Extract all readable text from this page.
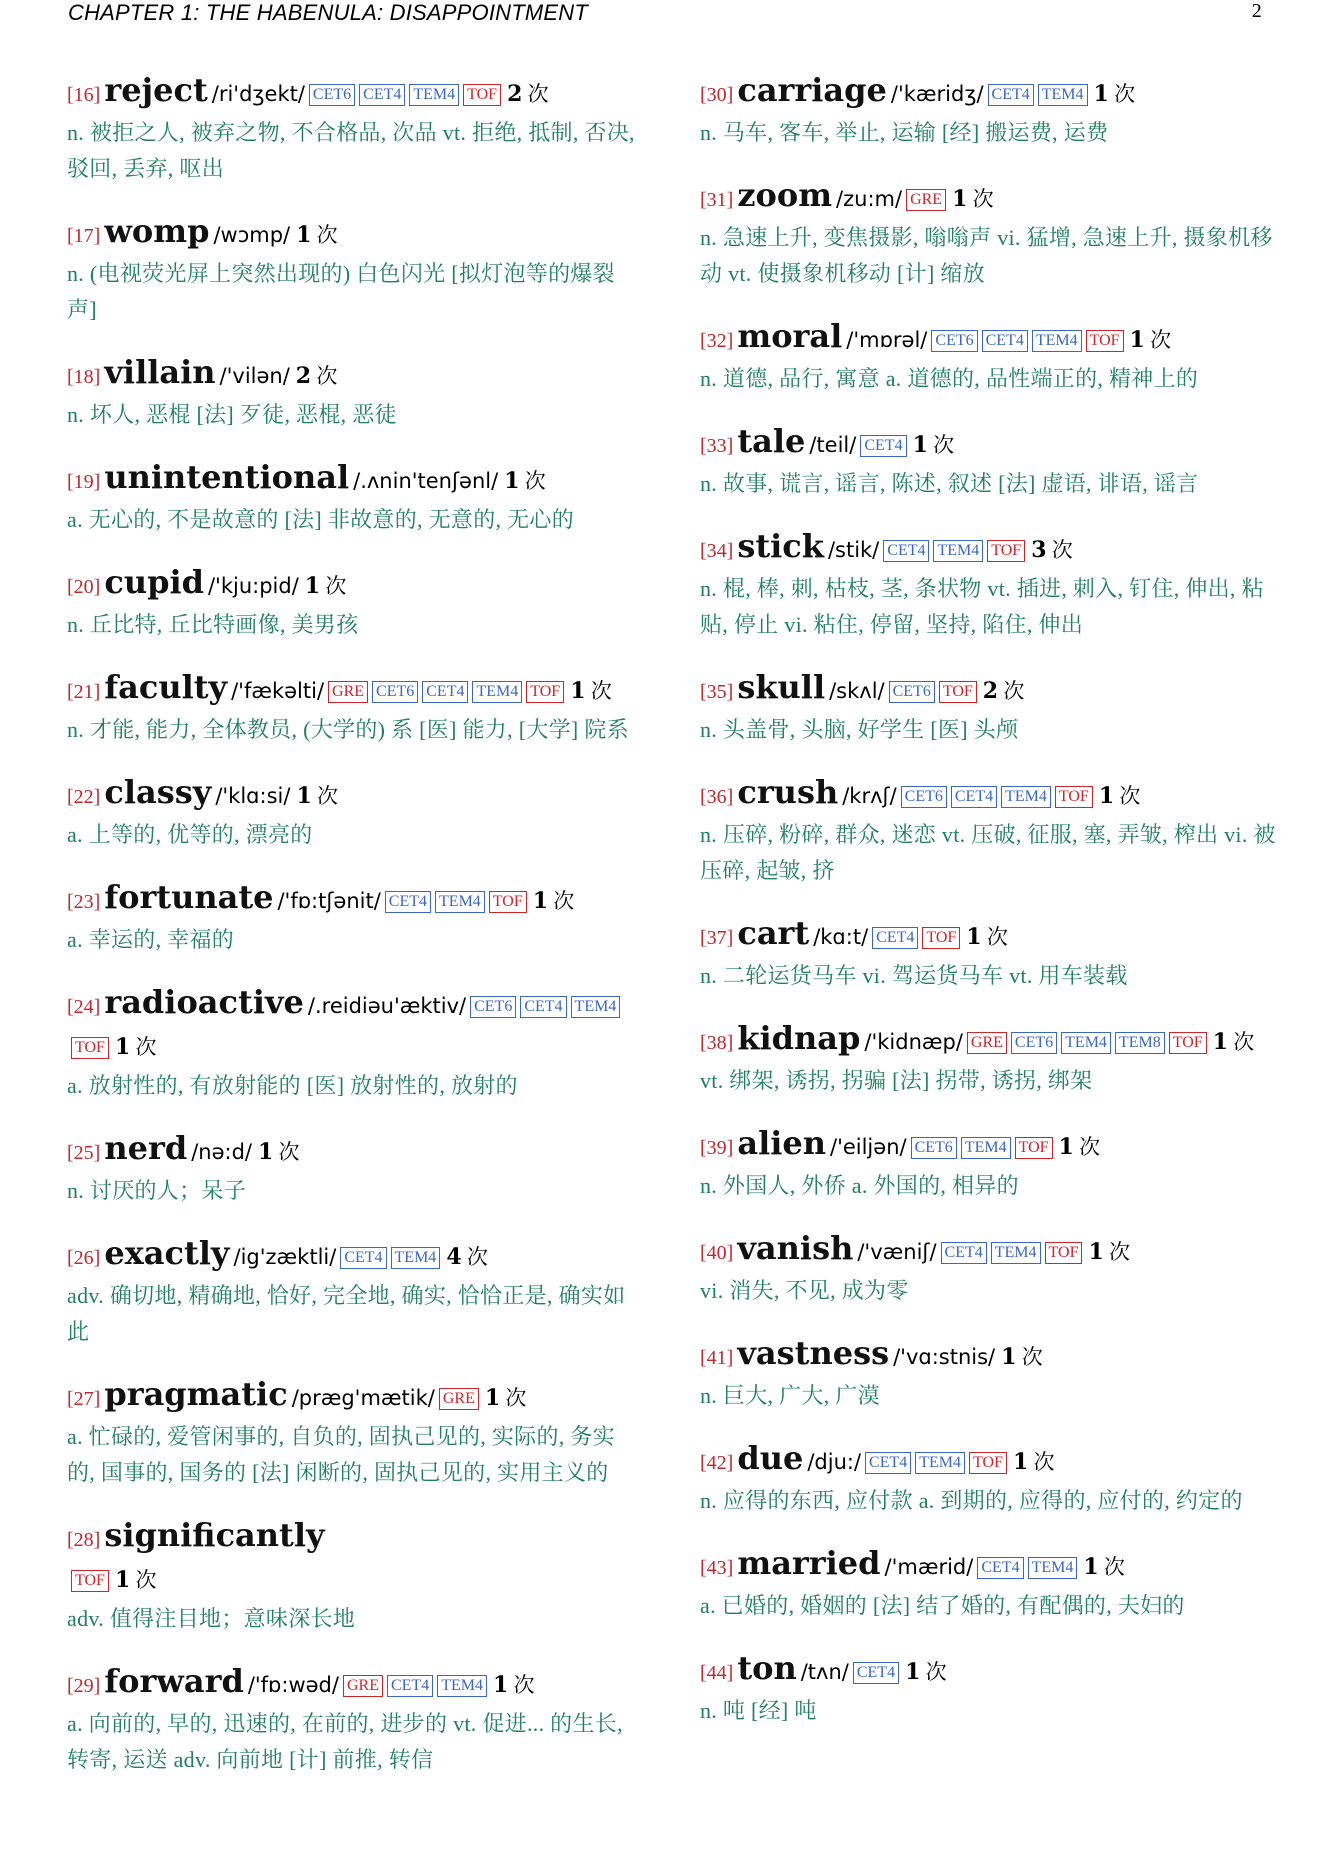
CHAPTER 1: THE HABENULA: DISAPPOINTMENT	2
[16] reject /ri'dʒekt/ CET6 CET4 TEM4 TOF 2 次
n. 被拒之人, 被弃之物, 不合格品, 次品 vt. 拒绝, 抵制, 否决, 驳回, 丢弃, 呕出
[17] womp /wɔmp/ 1 次
n. (电视荧光屏上突然出现的) 白色闪光 [拟灯泡等的爆裂声]
[18] villain /'vilən/ 2 次
n. 坏人, 恶棍 [法] 歹徒, 恶棍, 恶徒
[19] unintentional /.ʌnin'tenʃənl/ 1 次
a. 无心的, 不是故意的 [法] 非故意的, 无意的, 无心的
[20] cupid /'kju:pid/ 1 次
n. 丘比特, 丘比特画像, 美男孩
[21] faculty /'fækəlti/ GRE CET6 CET4 TEM4 TOF 1 次
n. 才能, 能力, 全体教员, (大学的) 系 [医] 能力, [大学] 院系
[22] classy /'klɑ:si/ 1 次
a. 上等的, 优等的, 漂亮的
[23] fortunate /'fɒ:tʃənit/ CET4 TEM4 TOF 1 次
a. 幸运的, 幸福的
[24] radioactive /.reidiəu'æktiv/ CET6 CET4 TEM4TOF 1 次
a. 放射性的, 有放射能的 [医] 放射性的, 放射的
[25] nerd /nə:d/ 1 次
n. 讨厌的人；呆子
[26] exactly /ig'zæktli/ CET4 TEM4 4 次
adv. 确切地, 精确地, 恰好, 完全地, 确实, 恰恰正是, 确实如此
[27] pragmatic /præg'mætik/ GRE 1 次
a. 忙碌的, 爱管闲事的, 自负的, 固执己见的, 实际的, 务实的, 国事的, 国务的 [法] 闲断的, 固执己见的, 实用主义的
[28] significantly
TOF 1 次
adv. 值得注目地；意味深长地
[29] forward /'fɒ:wəd/ GRE CET4 TEM4 1 次
a. 向前的, 早的, 迅速的, 在前的, 进步的 vt. 促进... 的生长, 转寄, 运送 adv. 向前地 [计] 前推, 转信
[30] carriage /'kæridʒ/ CET4 TEM4 1 次
n. 马车, 客车, 举止, 运输 [经] 搬运费, 运费
[31] zoom /zu:m/ GRE 1 次
n. 急速上升, 变焦摄影, 嗡嗡声 vi. 猛增, 急速上升, 摄象机移动 vt. 使摄象机移动 [计] 缩放
[32] moral /'mɒrəl/ CET6 CET4 TEM4 TOF 1 次
n. 道德, 品行, 寓意 a. 道德的, 品性端正的, 精神上的
[33] tale /teil/ CET4 1 次
n. 故事, 谎言, 谣言, 陈述, 叙述 [法] 虚语, 诽语, 谣言
[34] stick /stik/ CET4 TEM4 TOF 3 次
n. 棍, 棒, 刺, 枯枝, 茎, 条状物 vt. 插进, 刺入, 钉住, 伸出, 粘贴, 停止 vi. 粘住, 停留, 坚持, 陷住, 伸出
[35] skull /skʌl/ CET6 TOF 2 次
n. 头盖骨, 头脑, 好学生 [医] 头颅
[36] crush /krʌʃ/ CET6 CET4 TEM4 TOF 1 次
n. 压碎, 粉碎, 群众, 迷恋 vt. 压破, 征服, 塞, 弄皱, 榨出 vi. 被压碎, 起皱, 挤
[37] cart /kɑ:t/ CET4 TOF 1 次
n. 二轮运货马车 vi. 驾运货马车 vt. 用车装载
[38] kidnap /'kidnæp/ GRE CET6 TEM4 TEM8 TOF 1 次
vt. 绑架, 诱拐, 拐骗 [法] 拐带, 诱拐, 绑架
[39] alien /'eiljən/ CET6 TEM4 TOF 1 次
n. 外国人, 外侨 a. 外国的, 相异的
[40] vanish /'væniʃ/ CET4 TEM4 TOF 1 次
vi. 消失, 不见, 成为零
[41] vastness /'vɑ:stnis/ 1 次
n. 巨大, 广大, 广漠
[42] due /dju:/ CET4 TEM4 TOF 1 次
n. 应得的东西, 应付款 a. 到期的, 应得的, 应付的, 约定的
[43] married /'mærid/ CET4 TEM4 1 次
a. 已婚的, 婚姻的 [法] 结了婚的, 有配偶的, 夫妇的
[44] ton /tʌn/ CET4 1 次
n. 吨 [经] 吨
